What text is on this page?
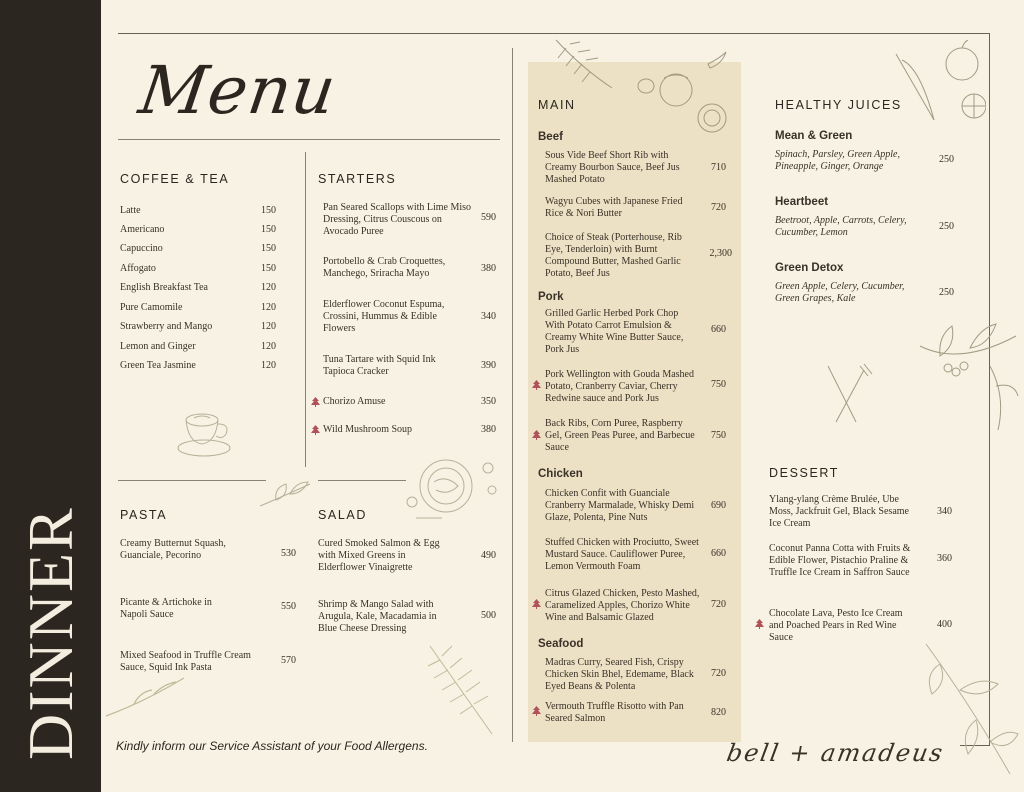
DINNER
Menu
COFFEE & TEA
Latte	150
Americano	150
Capuccino	150
Affogato	150
English Breakfast Tea	120
Pure Camomile	120
Strawberry and Mango	120
Lemon and Ginger	120
Green Tea Jasmine	120
STARTERS
Pan Seared Scallops with Lime Miso Dressing, Citrus Couscous on Avocado Puree
590
Portobello & Crab Croquettes, Manchego, Sriracha Mayo	380
Elderflower Coconut Espuma, Crossini, Hummus & Edible Flowers
340
Tuna Tartare with Squid Ink Tapioca Cracker
390
Chorizo Amuse	350
Wild Mushroom Soup	380
PASTA
Creamy Butternut Squash, Guanciale, Pecorino	530
Picante & Artichoke in Napoli Sauce
550
Mixed Seafood in Truffle Cream Sauce, Squid Ink Pasta
570
SALAD
Cured Smoked Salmon & Egg with Mixed Greens in Elderflower Vinaigrette
490
Shrimp & Mango Salad with Arugula, Kale, Macadamia in Blue Cheese Dressing
500
MAIN
Beef
Sous Vide Beef Short Rib with Creamy Bourbon Sauce, Beef Jus Mashed Potato
710
Wagyu Cubes with Japanese Fried Rice & Nori Butter
720
Choice of Steak (Porterhouse, Rib Eye, Tenderloin) with Burnt Compound Butter, Mashed Garlic Potato, Beef Jus
2,300
Pork
Grilled Garlic Herbed Pork Chop With Potato Carrot Emulsion & Creamy White Wine Butter Sauce, Pork Jus
660
Pork Wellington with Gouda Mashed Potato, Cranberry Caviar, Cherry Redwine sauce and Pork Jus
750
Back Ribs, Corn Puree, Raspberry Gel, Green Peas Puree, and Barbecue Sauce
750
Chicken
Chicken Confit with Guanciale Cranberry Marmalade, Whisky Demi Glaze, Polenta, Pine Nuts
690
Stuffed Chicken with Prociutto, Sweet Mustard Sauce. Cauliflower Puree, Lemon Vermouth Foam
660
Citrus Glazed Chicken, Pesto Mashed, Caramelized Apples, Chorizo White Wine and Balsamic Glazed
720
Seafood
Madras Curry, Seared Fish, Crispy Chicken Skin Bhel, Edemame, Black Eyed Beans & Polenta
720
Vermouth Truffle Risotto with Pan Seared Salmon
820
HEALTHY JUICES
Mean & Green
Spinach, Parsley, Green Apple, Pineapple, Ginger, Orange
250
Heartbeet
Beetroot, Apple, Carrots, Celery, Cucumber, Lemon
250
Green Detox
Green Apple, Celery, Cucumber, Green Grapes, Kale
250
DESSERT
Ylang-ylang Crème Brulée, Ube Moss, Jackfruit Gel, Black Sesame Ice Cream
340
Coconut Panna Cotta with Fruits & Edible Flower, Pistachio Praline & Truffle Ice Cream in Saffron Sauce
360
Chocolate Lava, Pesto Ice Cream and Poached Pears in Red Wine Sauce
400
Kindly inform our Service Assistant of your Food Allergens.	bell + amadeus
